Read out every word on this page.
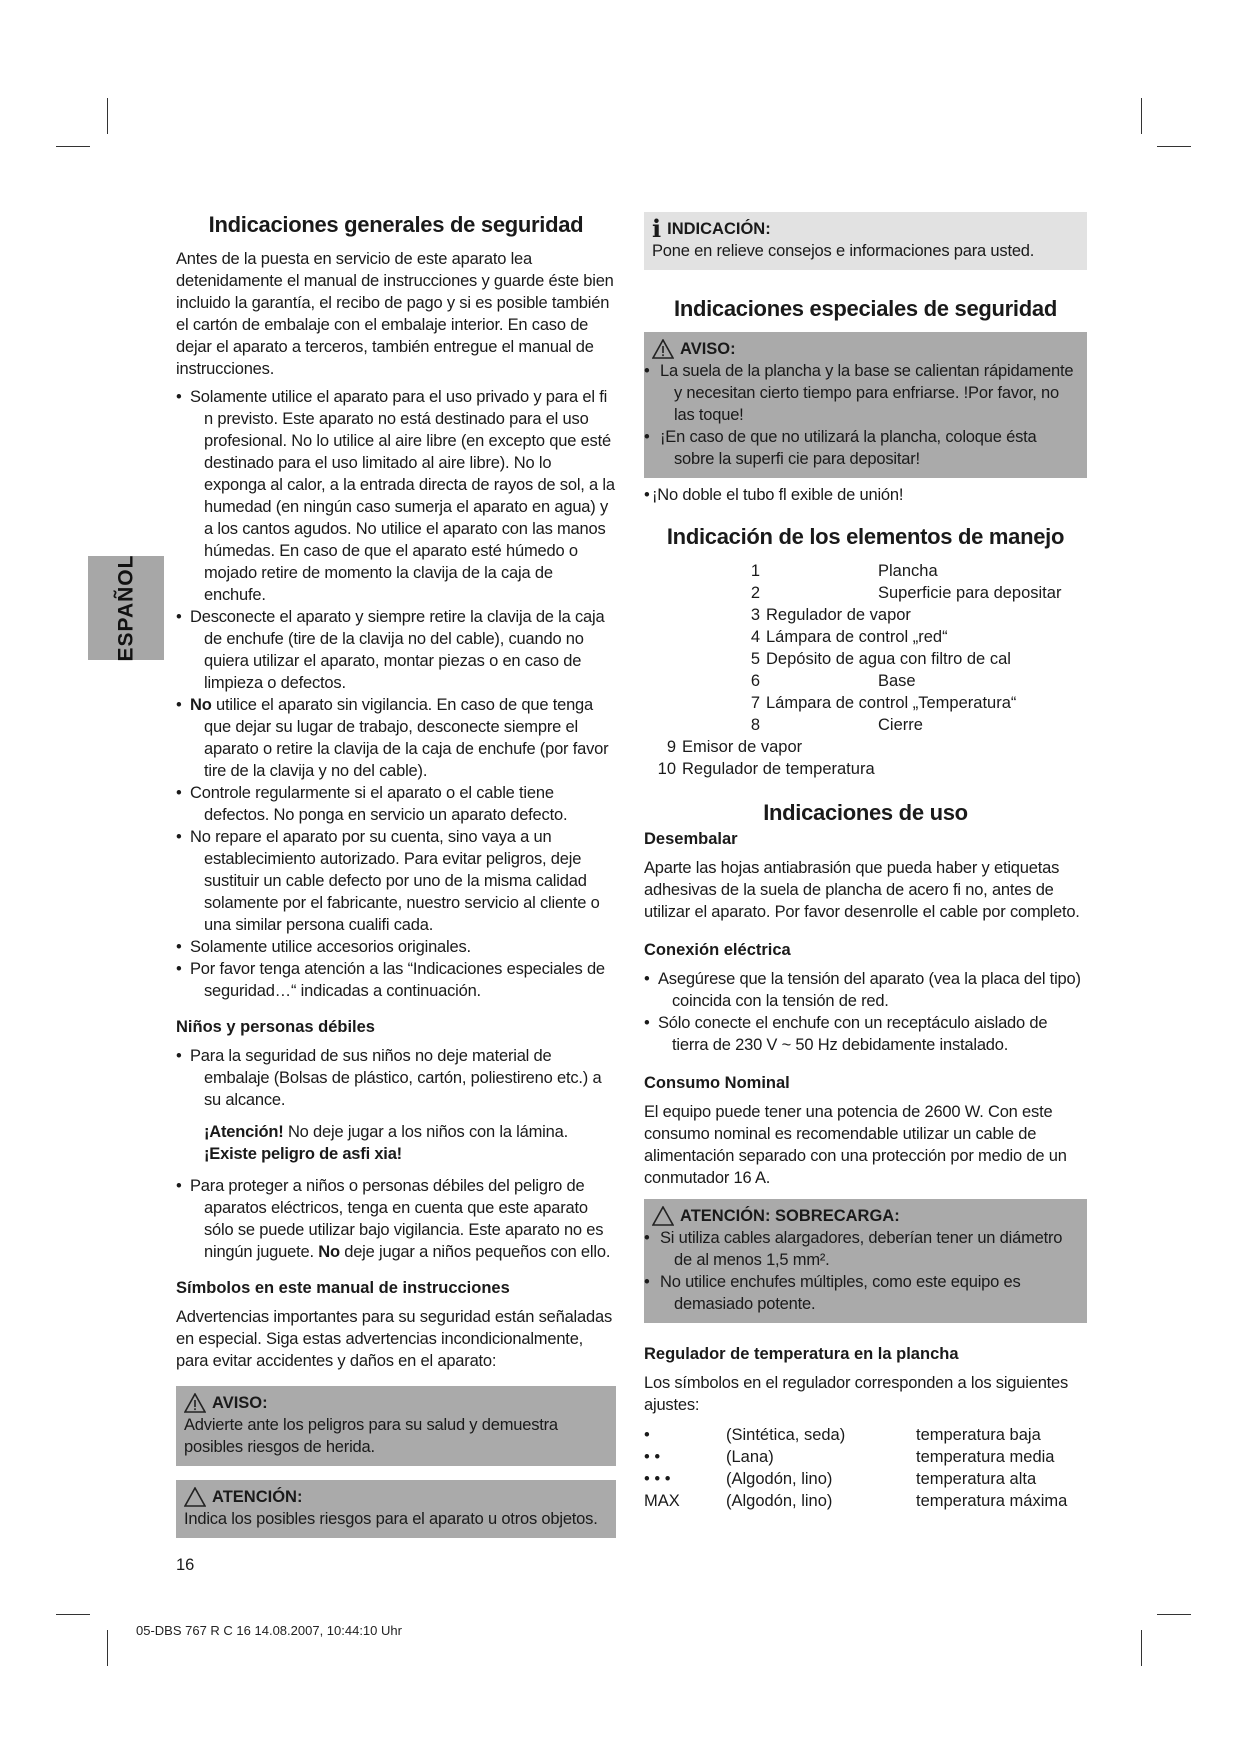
ESPAÑOL
Indicaciones generales de seguridad

Antes de la puesta en servicio de este aparato lea detenidamente el manual de instrucciones y guarde éste bien incluido la garantía, el recibo de pago y si es posible también el cartón de embalaje con el embalaje interior. En caso de dejar el aparato a terceros, también entregue el manual de instrucciones.

• Solamente utilice el aparato para el uso privado y para el fi n previsto. Este aparato no está destinado para el uso profesional. No lo utilice al aire libre (en excepto que esté destinado para el uso limitado al aire libre). No lo exponga al calor, a la entrada directa de rayos de sol, a la humedad (en ningún caso sumerja el aparato en agua) y a los cantos agudos. No utilice el aparato con las manos húmedas. En caso de que el aparato esté húmedo o mojado retire de momento la clavija de la caja de enchufe.
• Desconecte el aparato y siempre retire la clavija de la caja de enchufe (tire de la clavija no del cable), cuando no quiera utilizar el aparato, montar piezas o en caso de limpieza o defectos.
• No utilice el aparato sin vigilancia. En caso de que tenga que dejar su lugar de trabajo, desconecte siempre el aparato o retire la clavija de la caja de enchufe (por favor tire de la clavija y no del cable).
• Controle regularmente si el aparato o el cable tiene defectos. No ponga en servicio un aparato defecto.
• No repare el aparato por su cuenta, sino vaya a un establecimiento autorizado. Para evitar peligros, deje sustituir un cable defecto por uno de la misma calidad solamente por el fabricante, nuestro servicio al cliente o una similar persona cualifi cada.
• Solamente utilice accesorios originales.
• Por favor tenga atención a las “Indicaciones especiales de seguridad…“ indicadas a continuación.
Niños y personas débiles
• Para la seguridad de sus niños no deje material de embalaje (Bolsas de plástico, cartón, poliestireno etc.) a su alcance.

¡Atención! No deje jugar a los niños con la lámina. ¡Existe peligro de asfi xia!

• Para proteger a niños o personas débiles del peligro de aparatos eléctricos, tenga en cuenta que este aparato sólo se puede utilizar bajo vigilancia. Este aparato no es ningún juguete. No deje jugar a niños pequeños con ello.
Símbolos en este manual de instrucciones

Advertencias importantes para su seguridad están señaladas en especial. Siga estas advertencias incondicionalmente, para evitar accidentes y daños en el aparato:

AVISO:

Advierte ante los peligros para su salud y demuestra posibles riesgos de herida.

ATENCIÓN:

Indica los posibles riesgos para el aparato u otros objetos.

i INDICACIÓN:

Pone en relieve consejos e informaciones para usted.

Indicaciones especiales de seguridad
AVISO:
• La suela de la plancha y la base se calientan rápidamente y necesitan cierto tiempo para enfriarse. !Por favor, no las toque!
• ¡En caso de que no utilizará la plancha, coloque ésta sobre la superfi cie para depositar!
• ¡No doble el tubo fl exible de unión!
Indicación de los elementos de manejo
1	Plancha
2	Superficie para depositar
3 Regulador de vapor
4 Lámpara de control „red“
5 Depósito de agua con filtro de cal
6	Base
7 Lámpara de control „Temperatura“
8	Cierre
9 Emisor de vapor
10 Regulador de temperatura
Indicaciones de uso
Desembalar

Aparte las hojas antiabrasión que pueda haber y etiquetas adhesivas de la suela de plancha de acero fi no, antes de utilizar el aparato. Por favor desenrolle el cable por completo.

Conexión eléctrica
• Asegúrese que la tensión del aparato (vea la placa del tipo) coincida con la tensión de red.
• Sólo conecte el enchufe con un receptáculo aislado de tierra de 230 V ~ 50 Hz debidamente instalado.
Consumo Nominal

El equipo puede tener una potencia de 2600 W. Con este consumo nominal es recomendable utilizar un cable de alimentación separado con una protección por medio de un conmutador 16 A.

ATENCIÓN: SOBRECARGA:
• Si utiliza cables alargadores, deberían tener un diámetro de al menos 1,5 mm².
• No utilice enchufes múltiples, como este equipo es demasiado potente.
Regulador de temperatura en la plancha

Los símbolos en el regulador corresponden a los siguientes ajustes:

•	(Sintética, seda)	temperatura baja
• •	(Lana)	temperatura media
• • •	(Algodón, lino)	temperatura alta
MAX	(Algodón, lino)	temperatura máxima
16
05-DBS 767 R C 16 14.08.2007, 10:44:10 Uhr
